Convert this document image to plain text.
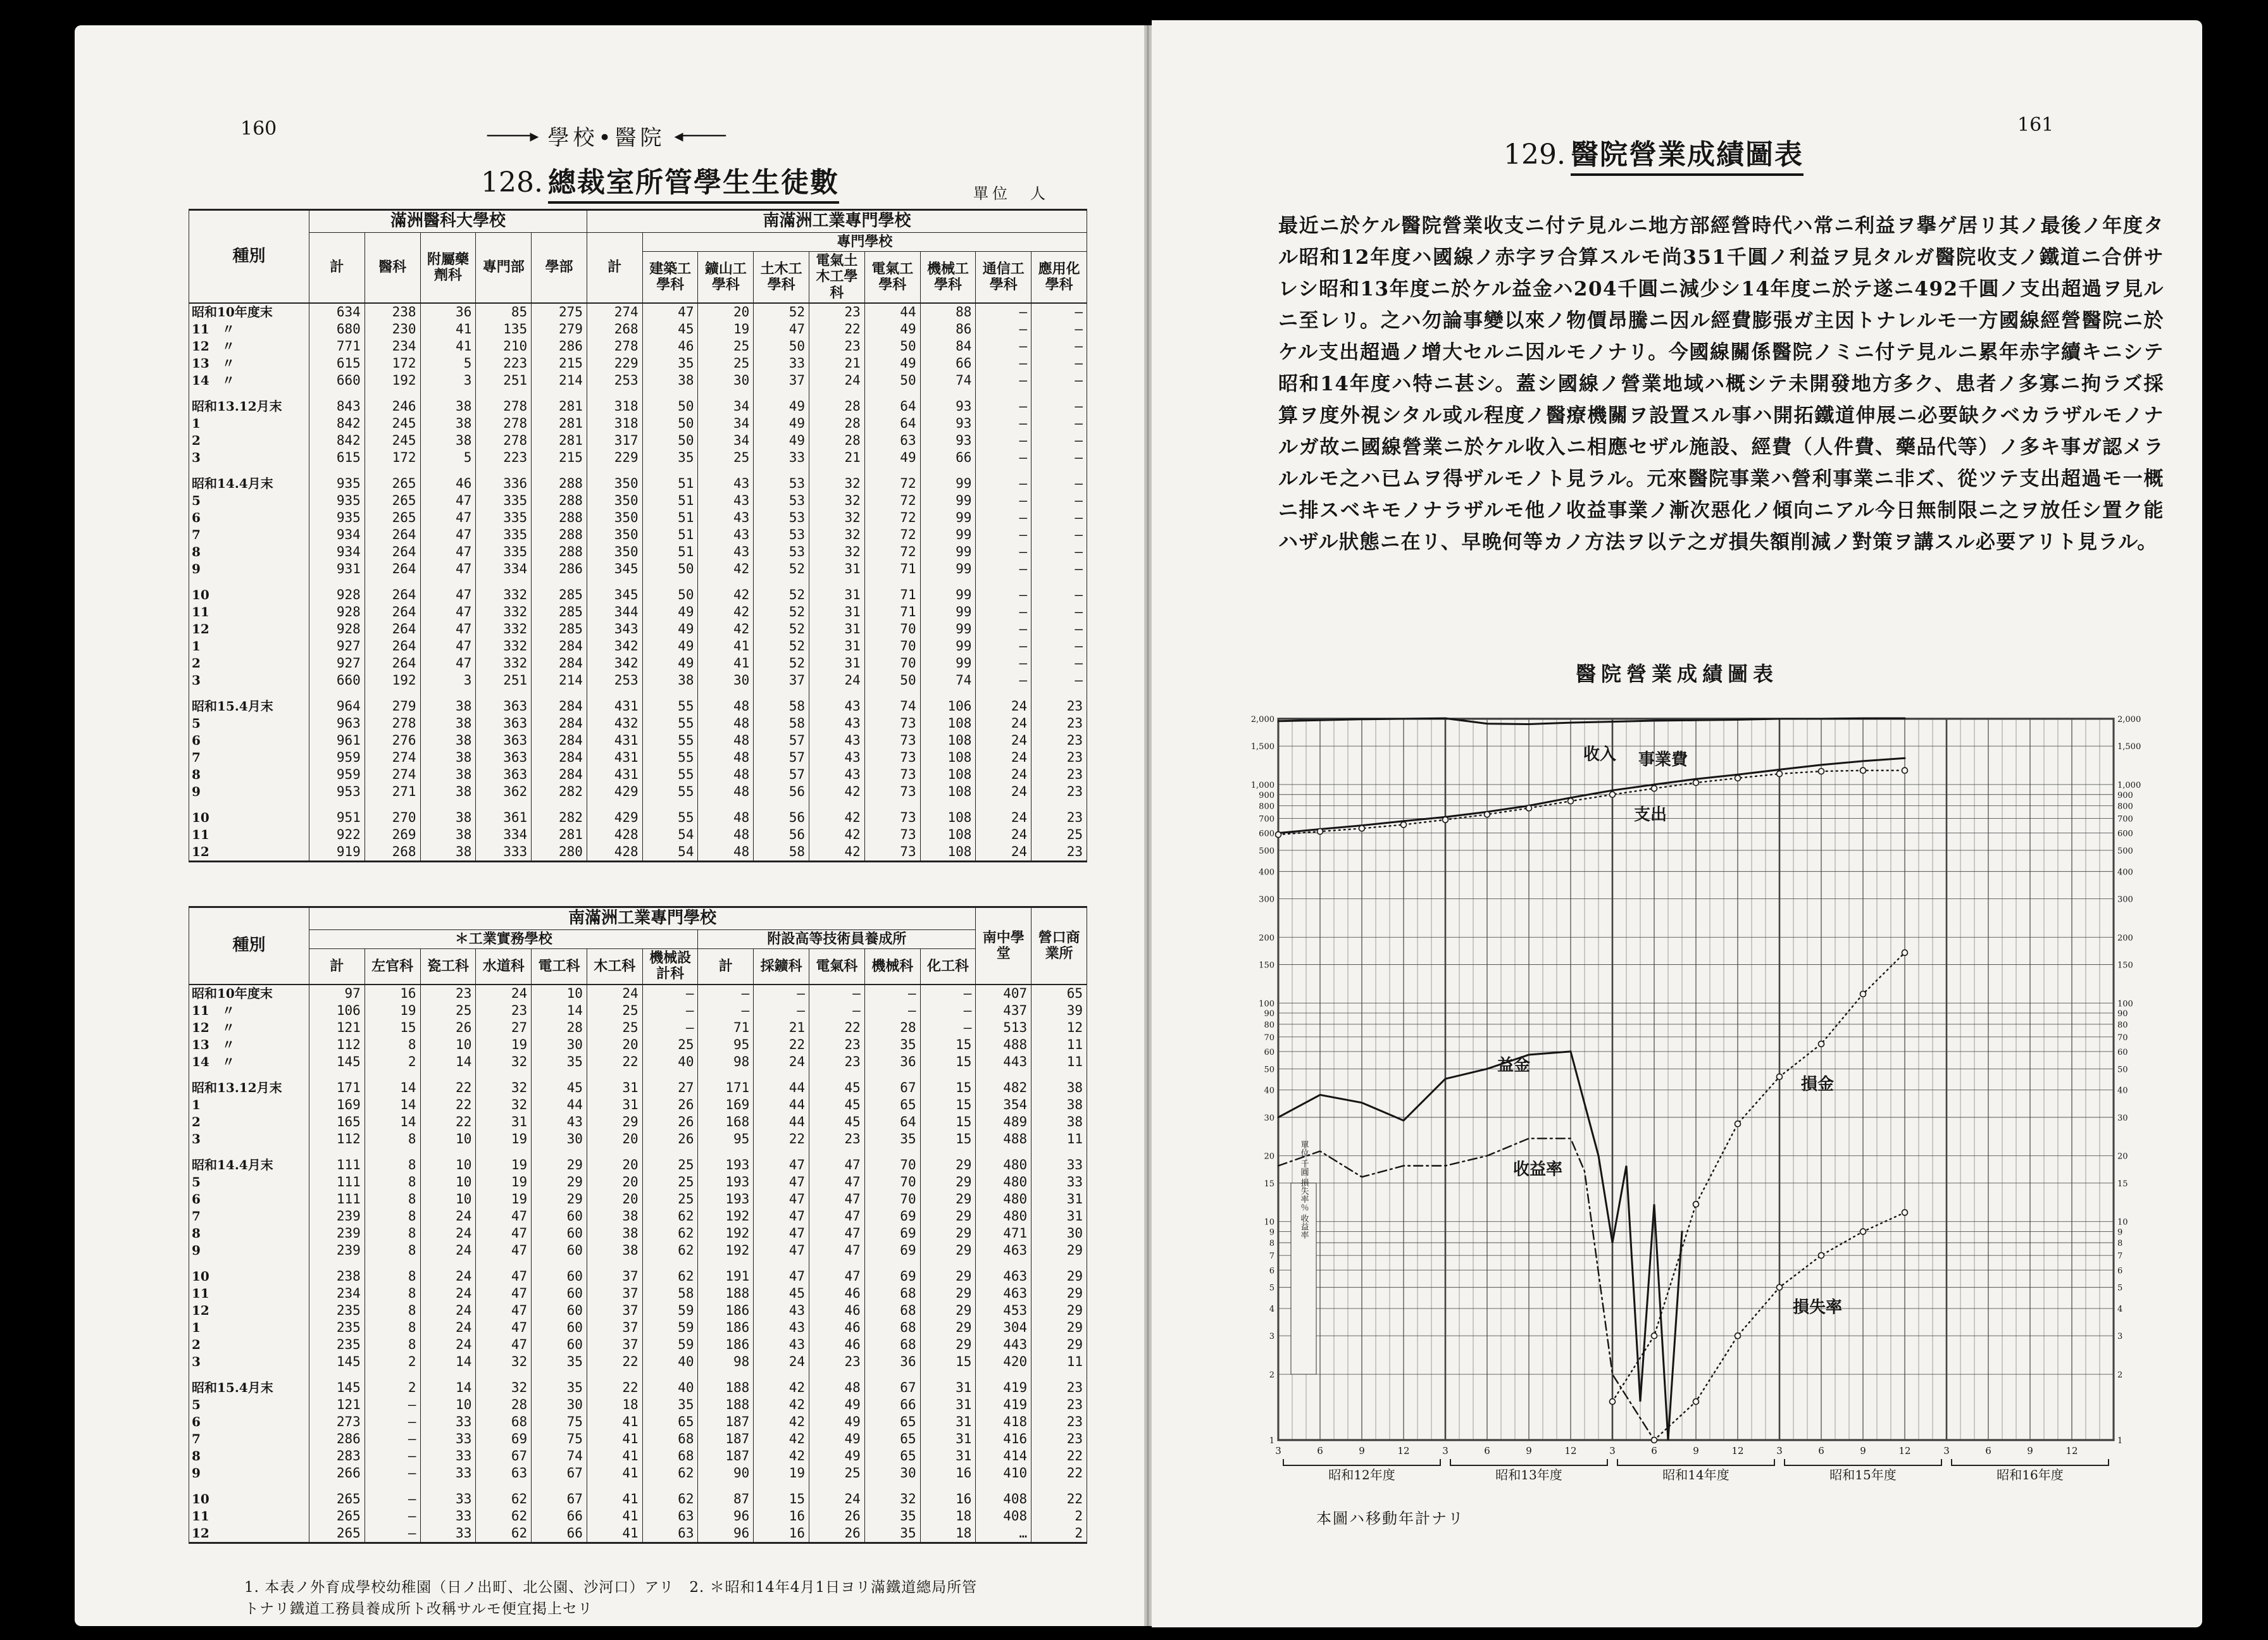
160	────▸ 學校•醫院 ◂────
128. 總裁室所管學生生徒數	單位　人
種別	滿洲醫科大學校					南滿洲工業專門學校								
	計	醫科	附屬藥劑科	專門部	學部	計	專門學校							
							建築工學科	鑛山工學科	土木工學科	電氣土木工學科	電氣工學科	機械工學科	通信工學科	應用化學科
昭和10年度末	634	238	36	85	275	274	47	20	52	23	44	88	—	—
11　〃	680	230	41	135	279	268	45	19	47	22	49	86	—	—
12　〃	771	234	41	210	286	278	46	25	50	23	50	84	—	—
13　〃	615	172	5	223	215	229	35	25	33	21	49	66	—	—
14　〃	660	192	3	251	214	253	38	30	37	24	50	74	—	—

昭和13.12月末	843	246	38	278	281	318	50	34	49	28	64	93	—	—
1	842	245	38	278	281	318	50	34	49	28	64	93	—	—
2	842	245	38	278	281	317	50	34	49	28	63	93	—	—
3	615	172	5	223	215	229	35	25	33	21	49	66	—	—

昭和14.4月末	935	265	46	336	288	350	51	43	53	32	72	99	—	—
5	935	265	47	335	288	350	51	43	53	32	72	99	—	—
6	935	265	47	335	288	350	51	43	53	32	72	99	—	—
7	934	264	47	335	288	350	51	43	53	32	72	99	—	—
8	934	264	47	335	288	350	51	43	53	32	72	99	—	—
9	931	264	47	334	286	345	50	42	52	31	71	99	—	—

10	928	264	47	332	285	345	50	42	52	31	71	99	—	—
11	928	264	47	332	285	344	49	42	52	31	71	99	—	—
12	928	264	47	332	285	343	49	42	52	31	70	99	—	—
1	927	264	47	332	284	342	49	41	52	31	70	99	—	—
2	927	264	47	332	284	342	49	41	52	31	70	99	—	—
3	660	192	3	251	214	253	38	30	37	24	50	74	—	—

昭和15.4月末	964	279	38	363	284	431	55	48	58	43	74	106	24	23
5	963	278	38	363	284	432	55	48	58	43	73	108	24	23
6	961	276	38	363	284	431	55	48	57	43	73	108	24	23
7	959	274	38	363	284	431	55	48	57	43	73	108	24	23
8	959	274	38	363	284	431	55	48	57	43	73	108	24	23
9	953	271	38	362	282	429	55	48	56	42	73	108	24	23

10	951	270	38	361	282	429	55	48	56	42	73	108	24	23
11	922	269	38	334	281	428	54	48	56	42	73	108	24	25
12	919	268	38	333	280	428	54	48	58	42	73	108	24	23
種別	南滿洲工業專門學校												南中學堂	營口商業所
	＊工業實務學校							附設高等技術員養成所						
	計	左官科	瓷工科	水道科	電工科	木工科	機械設計科	計	採鑛科	電氣科	機械科	化工科		
昭和10年度末	97	16	23	24	10	24	—	—	—	—	—	—	407	65
11　〃	106	19	25	23	14	25	—	—	—	—	—	—	437	39
12　〃	121	15	26	27	28	25	—	71	21	22	28	—	513	12
13　〃	112	8	10	19	30	20	25	95	22	23	35	15	488	11
14　〃	145	2	14	32	35	22	40	98	24	23	36	15	443	11

昭和13.12月末	171	14	22	32	45	31	27	171	44	45	67	15	482	38
1	169	14	22	32	44	31	26	169	44	45	65	15	354	38
2	165	14	22	31	43	29	26	168	44	45	64	15	489	38
3	112	8	10	19	30	20	26	95	22	23	35	15	488	11

昭和14.4月末	111	8	10	19	29	20	25	193	47	47	70	29	480	33
5	111	8	10	19	29	20	25	193	47	47	70	29	480	33
6	111	8	10	19	29	20	25	193	47	47	70	29	480	31
7	239	8	24	47	60	38	62	192	47	47	69	29	480	31
8	239	8	24	47	60	38	62	192	47	47	69	29	471	30
9	239	8	24	47	60	38	62	192	47	47	69	29	463	29

10	238	8	24	47	60	37	62	191	47	47	69	29	463	29
11	234	8	24	47	60	37	58	188	45	46	68	29	463	29
12	235	8	24	47	60	37	59	186	43	46	68	29	453	29
1	235	8	24	47	60	37	59	186	43	46	68	29	304	29
2	235	8	24	47	60	37	59	186	43	46	68	29	443	29
3	145	2	14	32	35	22	40	98	24	23	36	15	420	11

昭和15.4月末	145	2	14	32	35	22	40	188	42	48	67	31	419	23
5	121	—	10	28	30	18	35	188	42	49	66	31	419	23
6	273	—	33	68	75	41	65	187	42	49	65	31	418	23
7	286	—	33	69	75	41	68	187	42	49	65	31	416	23
8	283	—	33	67	74	41	68	187	42	49	65	31	414	22
9	266	—	33	63	67	41	62	90	19	25	30	16	410	22

10	265	—	33	62	67	41	62	87	15	24	32	16	408	22
11	265	—	33	62	66	41	63	96	16	26	35	18	408	2
12	265	—	33	62	66	41	63	96	16	26	35	18	…	2
1. 本表ノ外育成學校幼稚園（日ノ出町、北公園、沙河口）アリ　2. ＊昭和14年4月1日ヨリ滿鐵道總局所管
トナリ鐵道工務員養成所ト改稱サルモ便宜掲上セリ
161
129. 醫院營業成績圖表
最近ニ於ケル醫院營業收支ニ付テ見ルニ地方部經營時代ハ常ニ利益ヲ擧ゲ居リ其ノ最後ノ年度タル昭和12年度ハ國線ノ赤字ヲ合算スルモ尚351千圓ノ利益ヲ見タルガ醫院收支ノ鐵道ニ合併サレシ昭和13年度ニ於ケル益金ハ204千圓ニ減少シ14年度ニ於テ遂ニ492千圓ノ支出超過ヲ見ルニ至レリ。之ハ勿論事變以來ノ物價昂騰ニ因ル經費膨張ガ主因トナレルモ一方國線經營醫院ニ於ケル支出超過ノ增大セルニ因ルモノナリ。今國線關係醫院ノミニ付テ見ルニ累年赤字續キニシテ昭和14年度ハ特ニ甚シ。蓋シ國線ノ營業地域ハ概シテ未開發地方多ク、患者ノ多寡ニ拘ラズ採算ヲ度外視シタル或ル程度ノ醫療機關ヲ設置スル事ハ開拓鐵道伸展ニ必要缺クベカラザルモノナルガ故ニ國線營業ニ於ケル收入ニ相應セザル施設、經費（人件費、藥品代等）ノ多キ事ガ認メラルルモ之ハ已ムヲ得ザルモノト見ラル。元來醫院事業ハ營利事業ニ非ズ、從ツテ支出超過モ一概ニ排スベキモノナラザルモ他ノ收益事業ノ漸次惡化ノ傾向ニアル今日無制限ニ之ヲ放任シ置ク能ハザル狀態ニ在リ、早晩何等カノ方法ヲ以テ之ガ損失額削減ノ對策ヲ講スル必要アリト見ラル。
醫院營業成績圖表
1	1
2	2
3	3
4	4
5	5
6	6
7	7
8	8
9	9
10	10
15	15
20	20
30	30
40	40
50	50
60	60
70	70
80	80
90	90
100	100
150	150
200	200
300	300
400	400
500	500
600	600
700	700
800	800
900	900
1,000	1,000
1,500	1,500
2,000	2,000
3	6	9	12	3	6	9	12	3	6	9	12	3	6	9	12	3	6	9	12
昭和12年度	昭和13年度	昭和14年度	昭和15年度	昭和16年度
單位 千圓 損失率％ 收益率
事業費
收入
支出
益金
損金
收益率
損失率
本圖ハ移動年計ナリ
